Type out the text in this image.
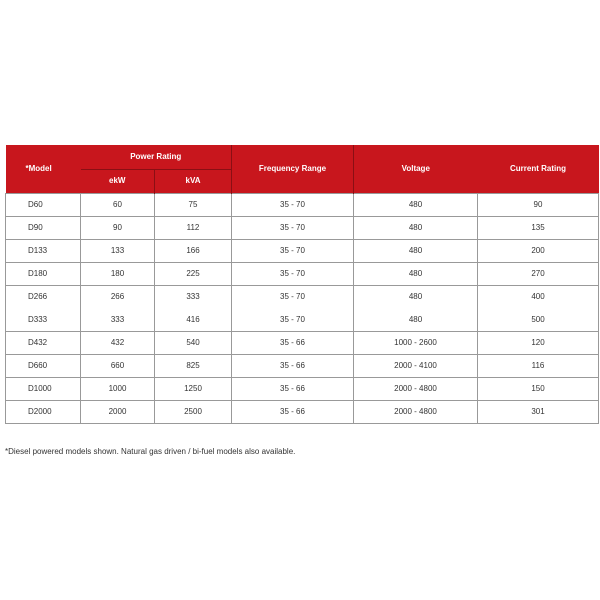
*Model	Power Rating		Frequency Range	Voltage	Current Rating
	ekW	kVA			
D60	60	75	35 - 70	480	90
D90	90	112	35 - 70	480	135
D133	133	166	35 - 70	480	200
D180	180	225	35 - 70	480	270
D266	266	333	35 - 70	480	400
D333	333	416	35 - 70	480	500
D432	432	540	35 - 66	1000 - 2600	120
D660	660	825	35 - 66	2000 - 4100	116
D1000	1000	1250	35 - 66	2000 - 4800	150
D2000	2000	2500	35 - 66	2000 - 4800	301
*Diesel powered models shown. Natural gas driven / bi-fuel models also available.
